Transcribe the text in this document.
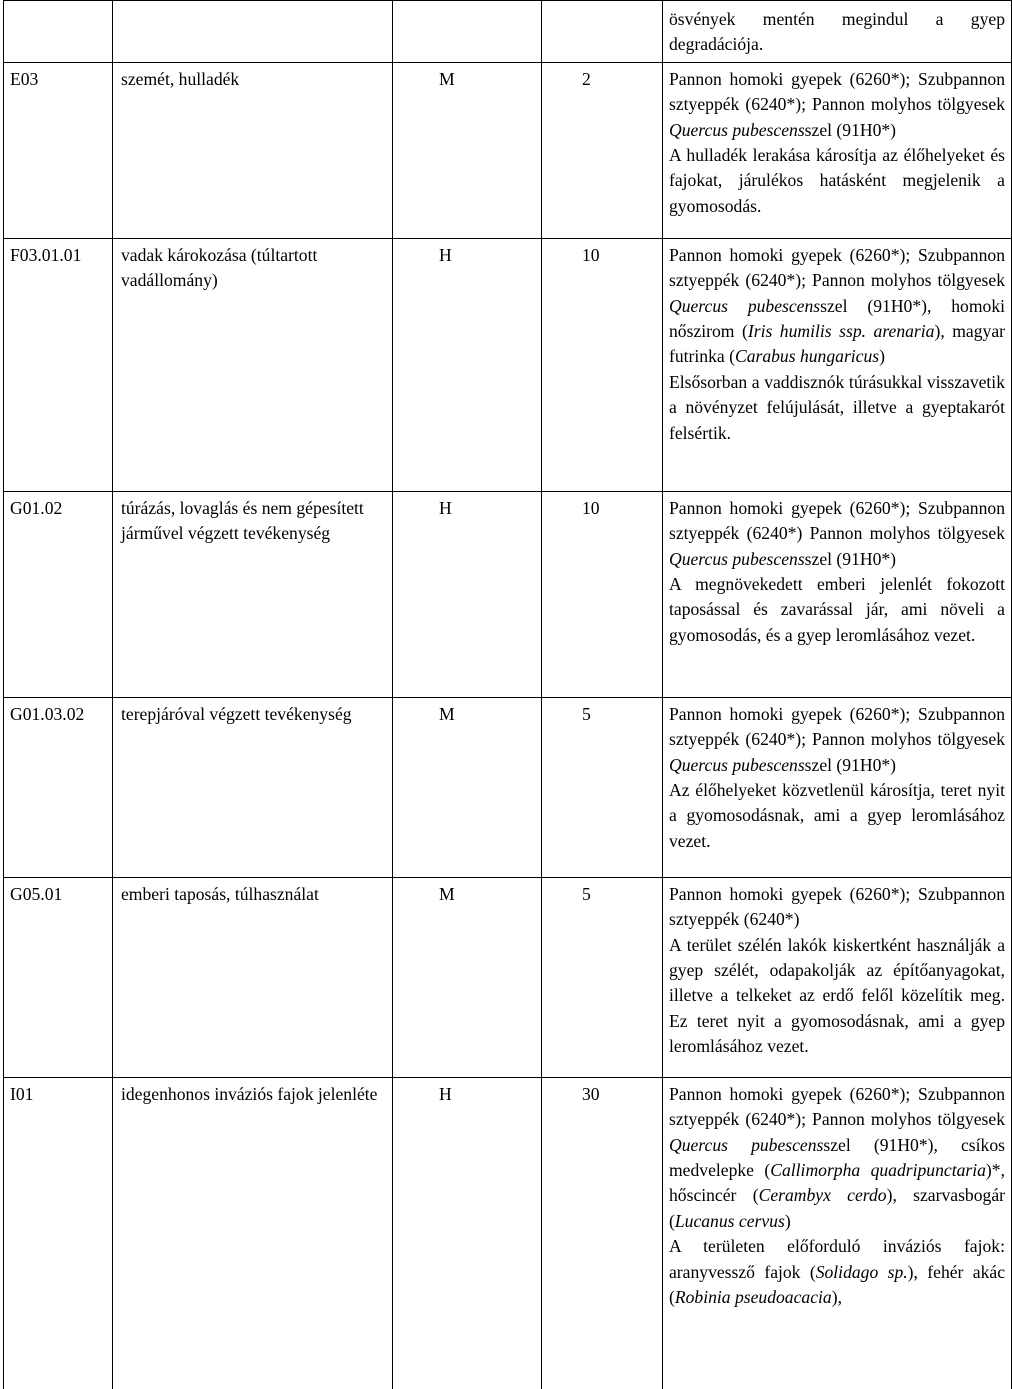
				ösvények mentén megindul a gyep degradációja.

E03	szemét, hulladék	M	2	Pannon homoki gyepek (6260*); Szubpannon sztyeppék (6240*); Pannon molyhos tölgyesek Quercus pubescensszel (91H0*)
A hulladék lerakása károsítja az élőhelyeket és fajokat, járulékos hatásként megjelenik a gyomosodás.

F03.01.01	vadak károkozása (túltartott vadállomány)	H	10	Pannon homoki gyepek (6260*); Szubpannon sztyeppék (6240*); Pannon molyhos tölgyesek Quercus pubescensszel (91H0*), homoki nőszirom (Iris humilis ssp. arenaria), magyar futrinka (Carabus hungaricus)
Elsősorban a vaddisznók túrásukkal visszavetik a növényzet felújulását, illetve a gyeptakarót felsértik.

G01.02	túrázás, lovaglás és nem gépesített járművel végzett tevékenység	H	10	Pannon homoki gyepek (6260*); Szubpannon sztyeppék (6240*) Pannon molyhos tölgyesek Quercus pubescensszel (91H0*)
A megnövekedett emberi jelenlét fokozott taposással és zavarással jár, ami növeli a gyomosodás, és a gyep leromlásához vezet.

G01.03.02	terepjáróval végzett tevékenység	M	5	Pannon homoki gyepek (6260*); Szubpannon sztyeppék (6240*); Pannon molyhos tölgyesek Quercus pubescensszel (91H0*)
Az élőhelyeket közvetlenül károsítja, teret nyit a gyomosodásnak, ami a gyep leromlásához vezet.

G05.01	emberi taposás, túlhasználat	M	5	Pannon homoki gyepek (6260*); Szubpannon sztyeppék (6240*)
A terület szélén lakók kiskertként használják a gyep szélét, odapakolják az építőanyagokat, illetve a telkeket az erdő felől közelítik meg. Ez teret nyit a gyomosodásnak, ami a gyep leromlásához vezet.

I01	idegenhonos inváziós fajok jelenléte	H	30	Pannon homoki gyepek (6260*); Szubpannon sztyeppék (6240*); Pannon molyhos tölgyesek Quercus pubescensszel (91H0*), csíkos medvelepke (Callimorpha quadripunctaria)*, hőscincér (Cerambyx cerdo), szarvasbogár (Lucanus cervus)
A területen előforduló inváziós fajok: aranyvessző fajok (Solidago sp.), fehér akác (Robinia pseudoacacia),
